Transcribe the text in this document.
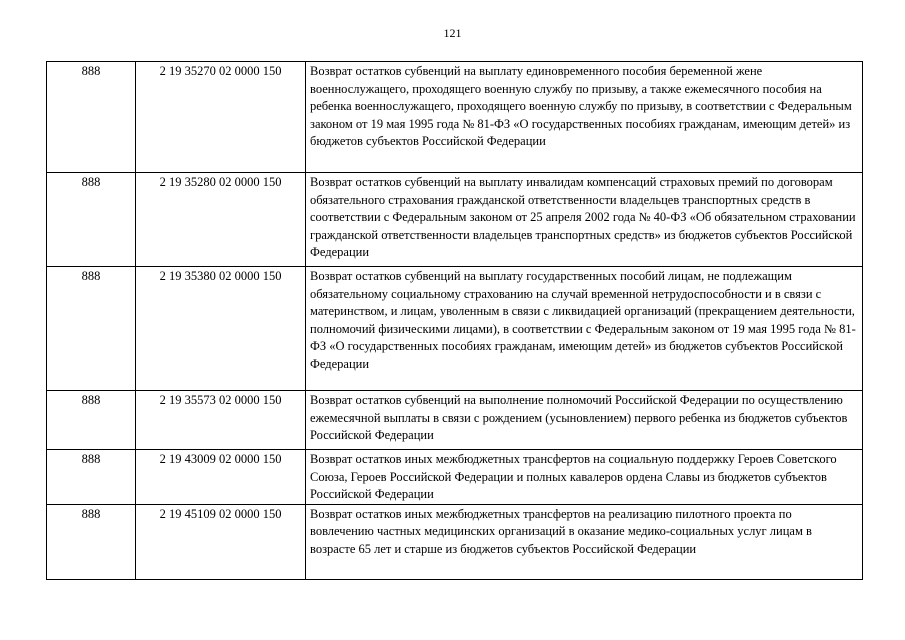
121
888	2 19 35270 02 0000 150	Возврат остатков субвенций на выплату единовременного пособия беременной жене военнослужащего, проходящего военную службу по призыву, а также ежемесячного пособия на ребенка военнослужащего, проходящего военную службу по призыву, в соответствии с Федеральным законом от 19 мая 1995 года № 81-ФЗ «О государственных пособиях гражданам, имеющим детей» из бюджетов субъектов Российской Федерации
888	2 19 35280 02 0000 150	Возврат остатков субвенций на выплату инвалидам компенсаций страховых премий по договорам обязательного страхования гражданской ответственности владельцев транспортных средств в соответствии с Федеральным законом от 25 апреля 2002 года № 40-ФЗ «Об обязательном страховании гражданской ответственности владельцев транспортных средств» из бюджетов субъектов Российской Федерации
888	2 19 35380 02 0000 150	Возврат остатков субвенций на выплату государственных пособий лицам, не подлежащим обязательному социальному страхованию на случай временной нетрудоспособности и в связи с материнством, и лицам, уволенным в связи с ликвидацией организаций (прекращением деятельности, полномочий физическими лицами), в соответствии с Федеральным законом от 19 мая 1995 года № 81-ФЗ «О государственных пособиях гражданам, имеющим детей» из бюджетов субъектов Российской Федерации
888	2 19 35573 02 0000 150	Возврат остатков субвенций на выполнение полномочий Российской Федерации по осуществлению ежемесячной выплаты в связи с рождением (усыновлением) первого ребенка из бюджетов субъектов Российской Федерации
888	2 19 43009 02 0000 150	Возврат остатков иных межбюджетных трансфертов на социальную поддержку Героев Советского Союза, Героев Российской Федерации и полных кавалеров ордена Славы из бюджетов субъектов Российской Федерации
888	2 19 45109 02 0000 150	Возврат остатков иных межбюджетных трансфертов на реализацию пилотного проекта по вовлечению частных медицинских организаций в оказание медико-социальных услуг лицам в возрасте 65 лет и старше из бюджетов субъектов Российской Федерации
